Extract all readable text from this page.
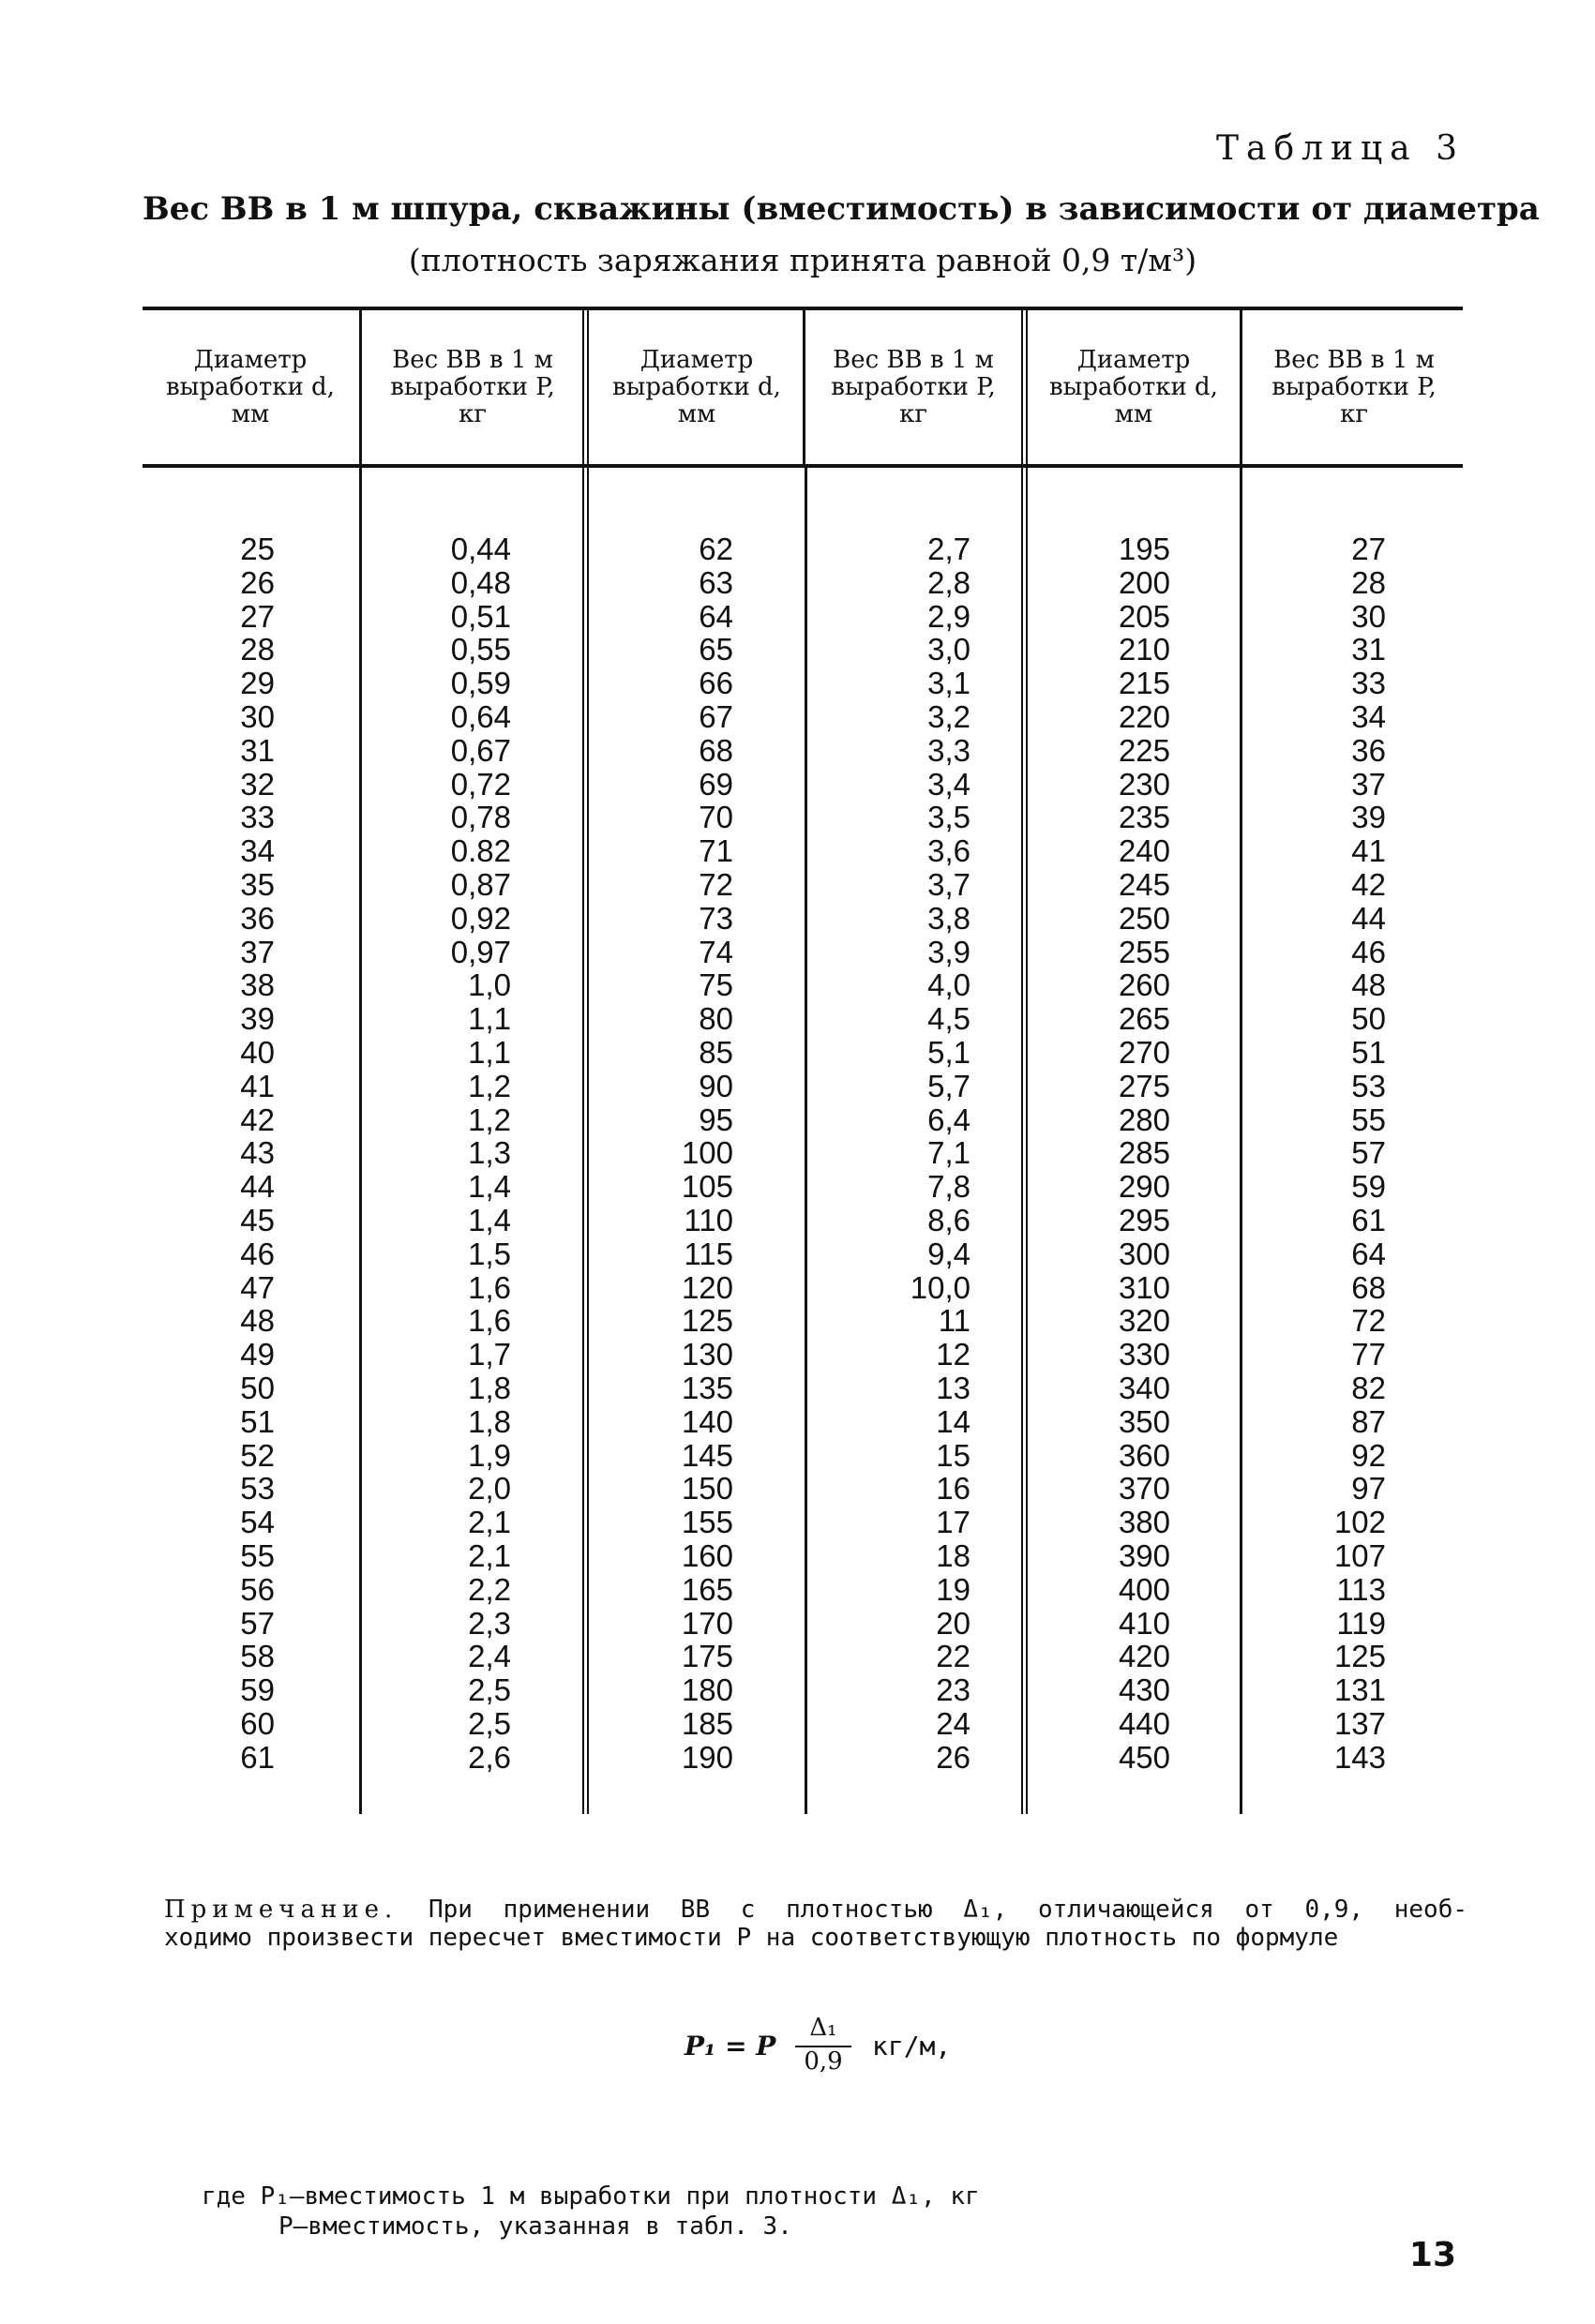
Таблица 3
Вес ВВ в 1 м шпура, скважины (вместимость) в зависимости от диаметра
(плотность заряжания принята равной 0,9 т/м³)
Диаметр
выработки d,
мм
Вес ВВ в 1 м
выработки P,
кг
Диаметр
выработки d,
мм
Вес ВВ в 1 м
выработки P,
кг
Диаметр
выработки d,
мм
Вес ВВ в 1 м
выработки P,
кг
25
26
27
28
29
30
31
32
33
34
35
36
37
38
39
40
41
42
43
44
45
46
47
48
49
50
51
52
53
54
55
56
57
58
59
60
61
0,44
0,48
0,51
0,55
0,59
0,64
0,67
0,72
0,78
0.82
0,87
0,92
0,97
1,0
1,1
1,1
1,2
1,2
1,3
1,4
1,4
1,5
1,6
1,6
1,7
1,8
1,8
1,9
2,0
2,1
2,1
2,2
2,3
2,4
2,5
2,5
2,6
62
63
64
65
66
67
68
69
70
71
72
73
74
75
80
85
90
95
100
105
110
115
120
125
130
135
140
145
150
155
160
165
170
175
180
185
190
2,7
2,8
2,9
3,0
3,1
3,2
3,3
3,4
3,5
3,6
3,7
3,8
3,9
4,0
4,5
5,1
5,7
6,4
7,1
7,8
8,6
9,4
10,0
11
12
13
14
15
16
17
18
19
20
22
23
24
26
195
200
205
210
215
220
225
230
235
240
245
250
255
260
265
270
275
280
285
290
295
300
310
320
330
340
350
360
370
380
390
400
410
420
430
440
450
27
28
30
31
33
34
36
37
39
41
42
44
46
48
50
51
53
55
57
59
61
64
68
72
77
82
87
92
97
102
107
113
119
125
131
137
143
Примечание. При применении ВВ с плотностью Δ₁, отличающейся от 0,9, необ-
ходимо произвести пересчет вместимости P на соответствующую плотность по формуле
P₁ = P
Δ₁
0,9	кг/м,
где P₁—вместимость 1 м выработки при плотности Δ₁, кг
P—вместимость, указанная в табл. 3.
13
